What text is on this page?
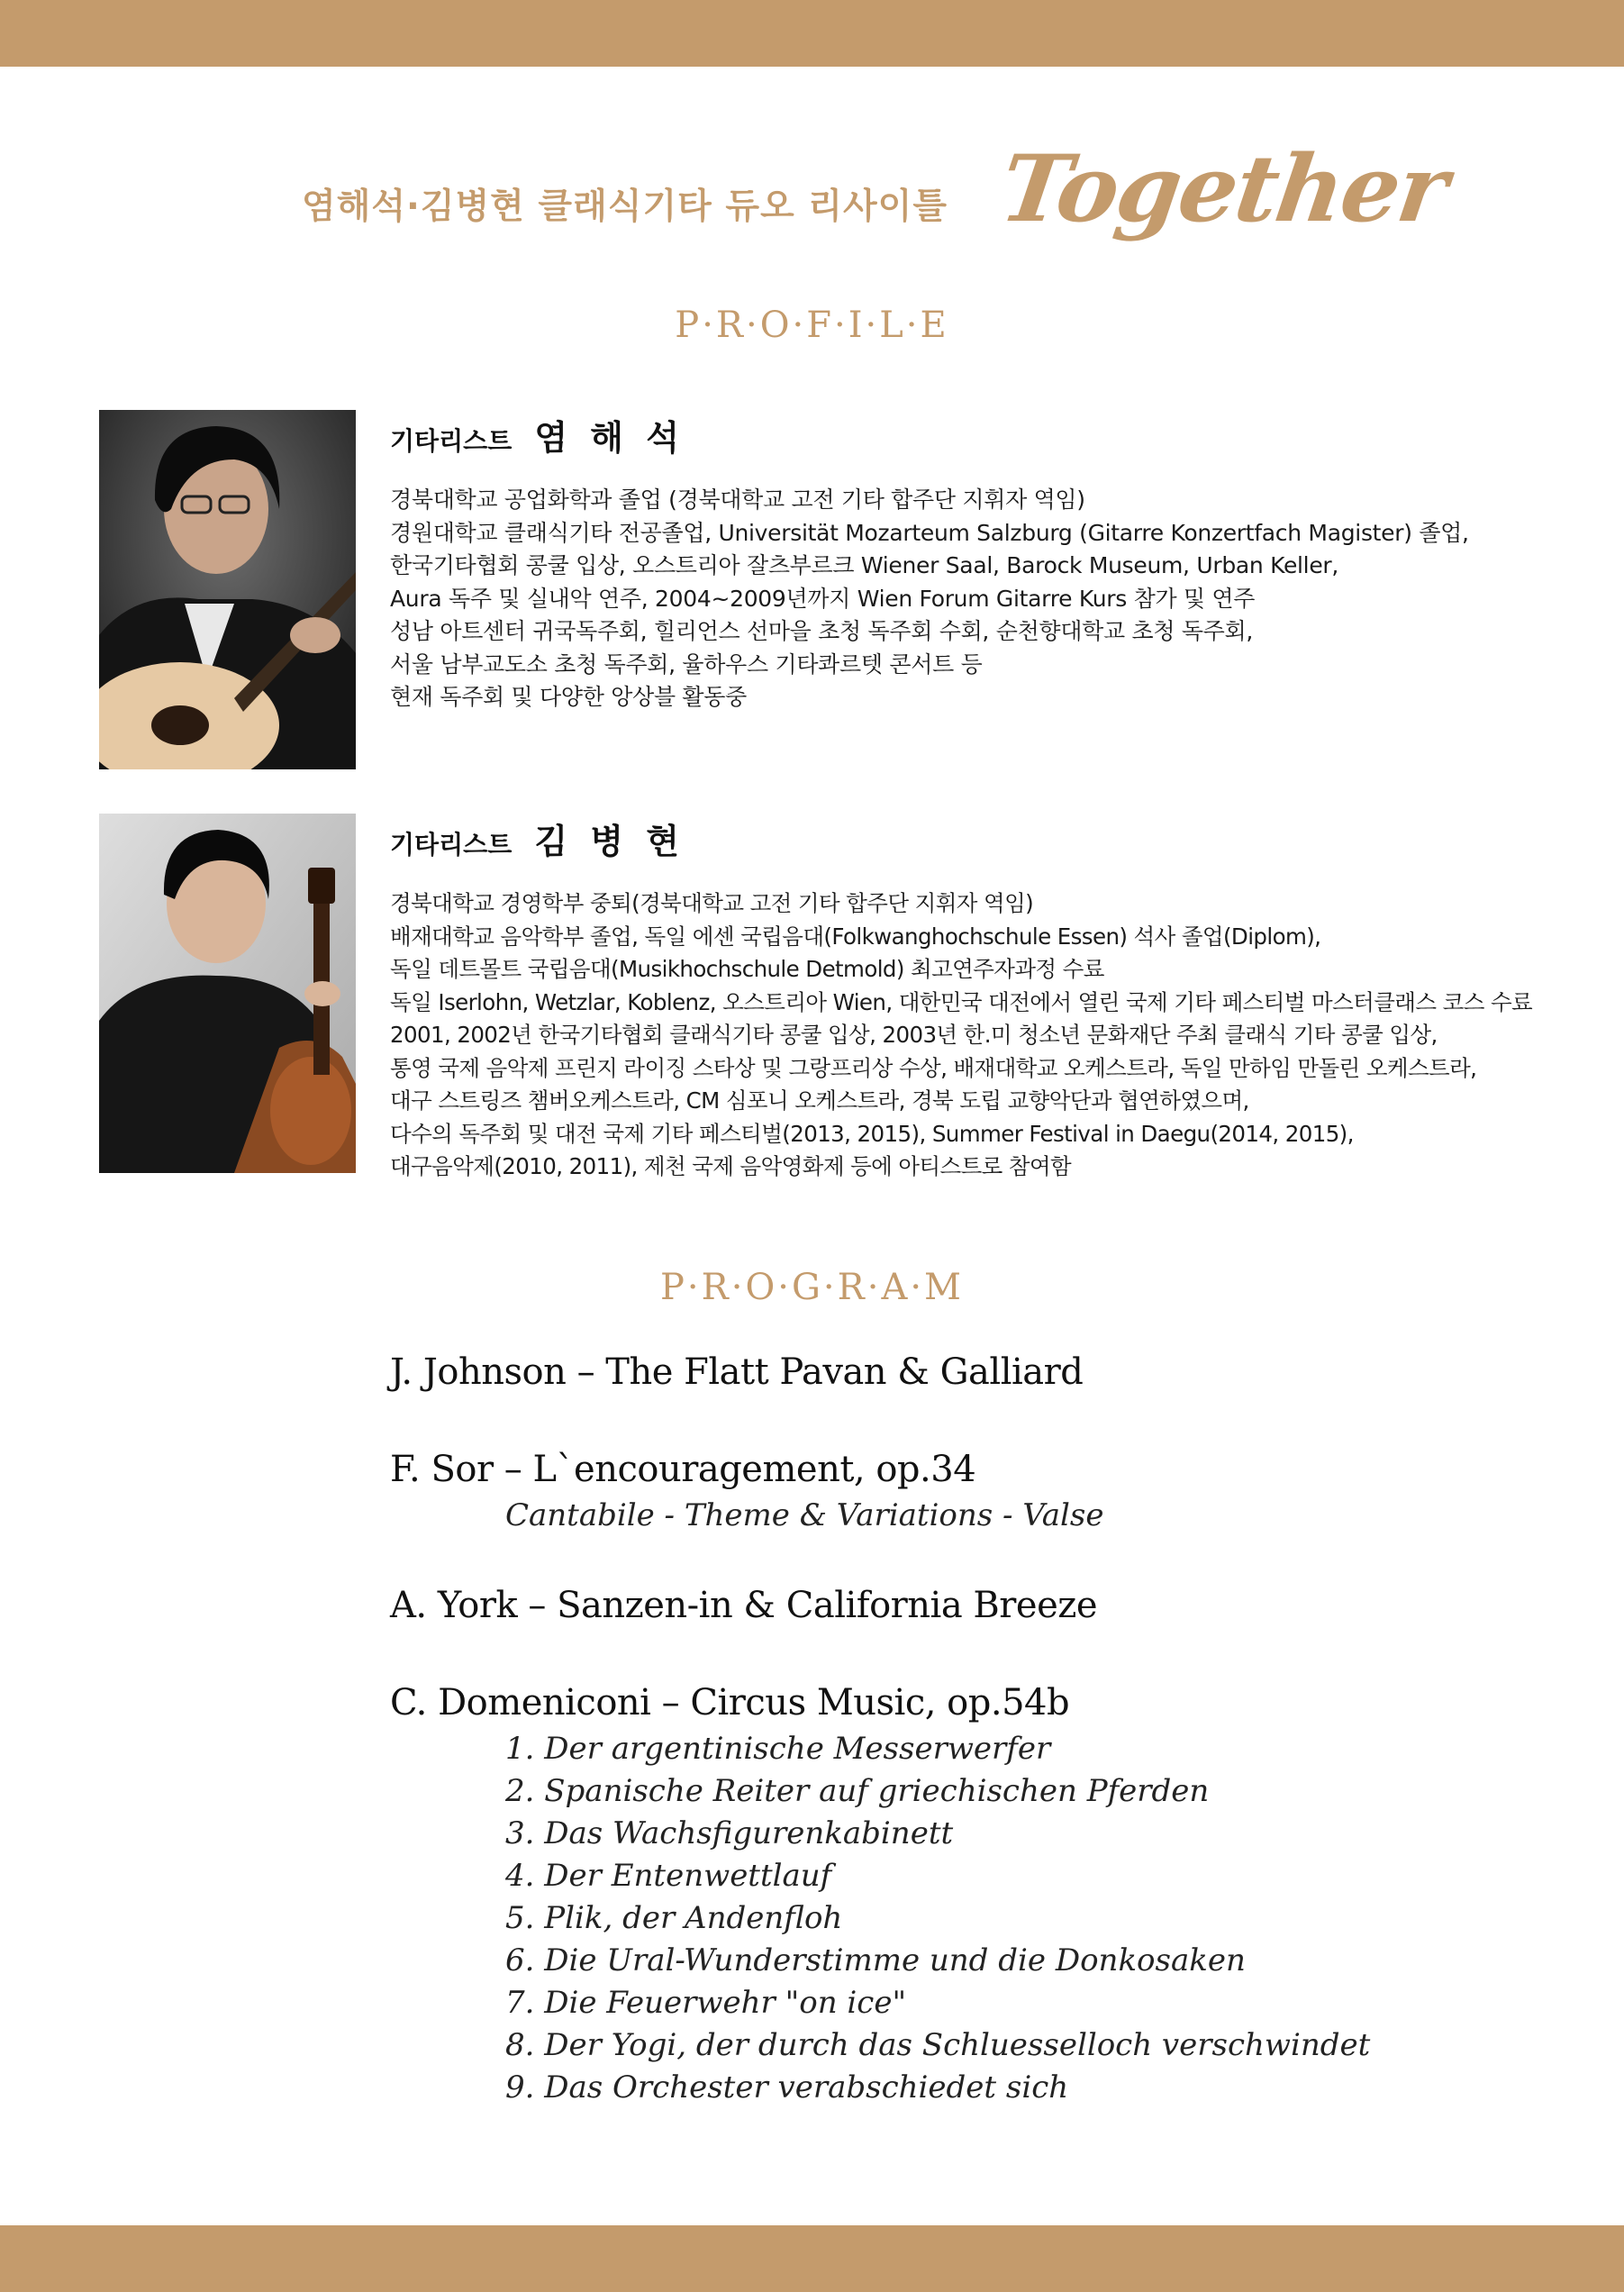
염해석·김병현 클래식기타 듀오 리사이틀 Together
P·R·O·F·I·L·E
기타리스트 염 해 석
경북대학교 공업화학과 졸업 (경북대학교 고전 기타 합주단 지휘자 역임)
경원대학교 클래식기타 전공졸업, Universität Mozarteum Salzburg (Gitarre Konzertfach Magister) 졸업,
한국기타협회 콩쿨 입상, 오스트리아 잘츠부르크 Wiener Saal, Barock Museum, Urban Keller,
Aura 독주 및 실내악 연주, 2004~2009년까지 Wien Forum Gitarre Kurs 참가 및 연주
성남 아트센터 귀국독주회, 힐리언스 선마을 초청 독주회 수회, 순천향대학교 초청 독주회,
서울 남부교도소 초청 독주회, 율하우스 기타콰르텟 콘서트 등
현재 독주회 및 다양한 앙상블 활동중
기타리스트 김 병 현
경북대학교 경영학부 중퇴(경북대학교 고전 기타 합주단 지휘자 역임)
배재대학교 음악학부 졸업, 독일 에센 국립음대(Folkwanghochschule Essen) 석사 졸업(Diplom),
독일 데트몰트 국립음대(Musikhochschule Detmold) 최고연주자과정 수료
독일 Iserlohn, Wetzlar, Koblenz, 오스트리아 Wien, 대한민국 대전에서 열린 국제 기타 페스티벌 마스터클래스 코스 수료
2001, 2002년 한국기타협회 클래식기타 콩쿨 입상, 2003년 한.미 청소년 문화재단 주최 클래식 기타 콩쿨 입상,
통영 국제 음악제 프린지 라이징 스타상 및 그랑프리상 수상, 배재대학교 오케스트라, 독일 만하임 만돌린 오케스트라,
대구 스트링즈 챔버오케스트라, CM 심포니 오케스트라, 경북 도립 교향악단과 협연하였으며,
다수의 독주회 및 대전 국제 기타 페스티벌(2013, 2015), Summer Festival in Daegu(2014, 2015),
대구음악제(2010, 2011), 제천 국제 음악영화제 등에 아티스트로 참여함
P·R·O·G·R·A·M
J. Johnson – The Flatt Pavan & Galliard
F. Sor – L`encouragement, op.34
Cantabile - Theme & Variations - Valse
A. York – Sanzen-in & California Breeze
C. Domeniconi – Circus Music, op.54b
1. Der argentinische Messerwerfer
2. Spanische Reiter auf griechischen Pferden
3. Das Wachsfigurenkabinett
4. Der Entenwettlauf
5. Plik, der Andenfloh
6. Die Ural-Wunderstimme und die Donkosaken
7. Die Feuerwehr "on ice"
8. Der Yogi, der durch das Schluesselloch verschwindet
9. Das Orchester verabschiedet sich
